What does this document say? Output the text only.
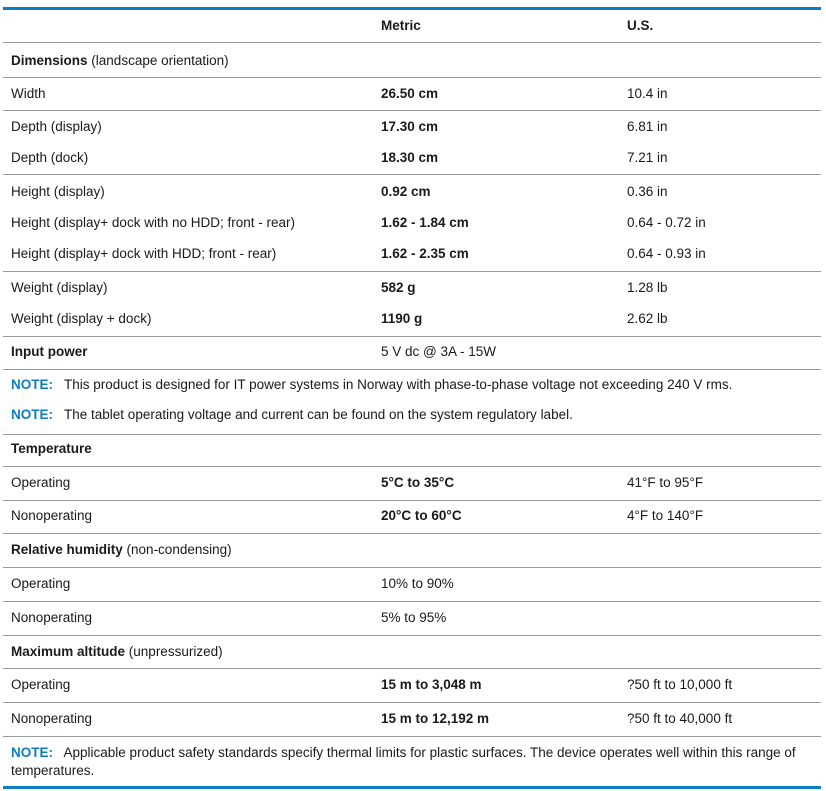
Metric	U.S.
Dimensions (landscape orientation)
Width	26.50 cm	10.4 in
Depth (display)	17.30 cm	6.81 in
Depth (dock)	18.30 cm	7.21 in
Height (display)	0.92 cm	0.36 in
Height (display+ dock with no HDD; front - rear)	1.62 - 1.84 cm	0.64 - 0.72 in
Height (display+ dock with HDD; front - rear)	1.62 - 2.35 cm	0.64 - 0.93 in
Weight (display)	582 g	1.28 lb
Weight (display + dock)	1190 g	2.62 lb
Input power	5 V dc @ 3A - 15W
NOTE: This product is designed for IT power systems in Norway with phase-to-phase voltage not exceeding 240 V rms.
NOTE: The tablet operating voltage and current can be found on the system regulatory label.
Temperature
Operating	5°C to 35°C	41°F to 95°F
Nonoperating	20°C to 60°C	4°F to 140°F
Relative humidity (non-condensing)
Operating	10% to 90%
Nonoperating	5% to 95%
Maximum altitude (unpressurized)
Operating	15 m to 3,048 m	?50 ft to 10,000 ft
Nonoperating	15 m to 12,192 m	?50 ft to 40,000 ft
NOTE: Applicable product safety standards specify thermal limits for plastic surfaces. The device operates well within this range of temperatures.
